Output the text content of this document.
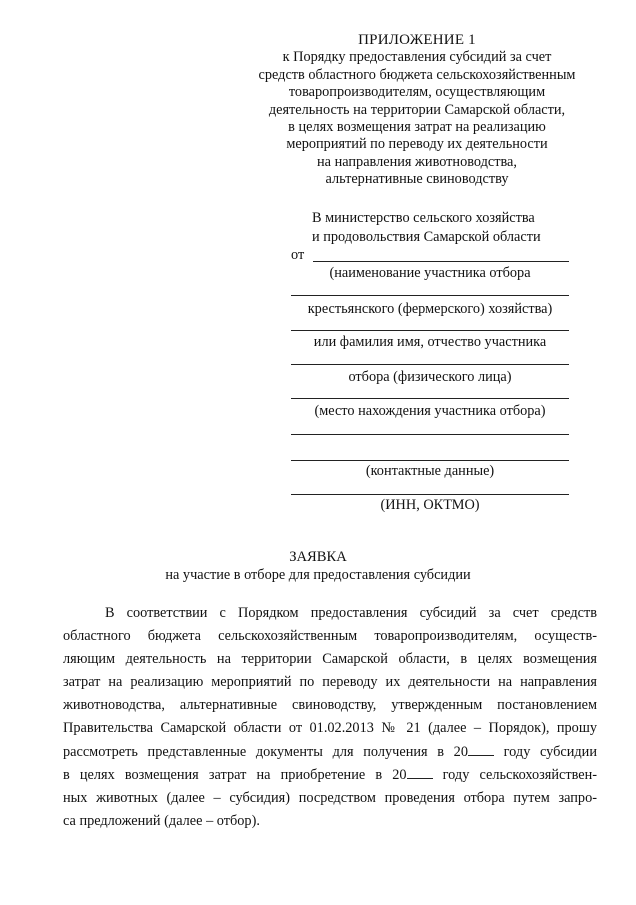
ПРИЛОЖЕНИЕ 1
к Порядку предоставления субсидий за счет
средств областного бюджета сельскохозяйственным
товаропроизводителям, осуществляющим
деятельность на территории Самарской области,
в целях возмещения затрат на реализацию
мероприятий по переводу их деятельности
на направления животноводства,
альтернативные свиноводству
В министерство сельского хозяйства
и продовольствия Самарской области
от
(наименование участника отбора
крестьянского (фермерского) хозяйства)
или фамилия имя, отчество участника
отбора (физического лица)
(место нахождения участника отбора)
(контактные данные)
(ИНН, ОКТМО)
ЗАЯВКА
на участие в отборе для предоставления субсидии
В соответствии с Порядком предоставления субсидий за счет средств
областного бюджета сельскохозяйственным товаропроизводителям, осуществ-
ляющим деятельность на территории Самарской области, в целях возмещения
затрат на реализацию мероприятий по переводу их деятельности на направления
животноводства, альтернативные свиноводству, утвержденным постановлением
Правительства Самарской области от 01.02.2013 № 21 (далее – Порядок), прошу
рассмотреть представленные документы для получения в 20 году субсидии
в целях возмещения затрат на приобретение в 20	году сельскохозяйствен-
ных животных (далее – субсидия) посредством проведения отбора путем запро-
са предложений (далее – отбор).
